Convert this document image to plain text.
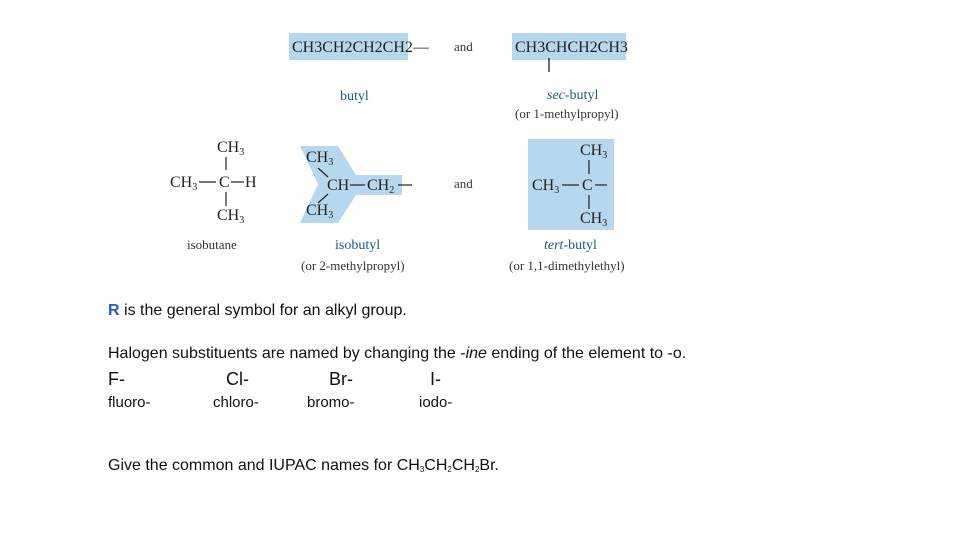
CH3CH2CH2CH2— and	CH3CHCH2CH3
butyl	sec-butyl
(or 1-methylpropyl)
CH3
CH3 C H
CH3
isobutane
CH3
CH CH2
CH3
and
CH3
CH3 C
CH3
isobutyl
(or 2-methylpropyl)
tert-butyl
(or 1,1-dimethylethyl)
R is the general symbol for an alkyl group.
Halogen substituents are named by changing the -ine ending of the element to -o.
F-	Cl-	Br-	I-
fluoro-	chloro-	bromo-	iodo-
Give the common and IUPAC names for $CH_3CH_2CH_2Br$.
